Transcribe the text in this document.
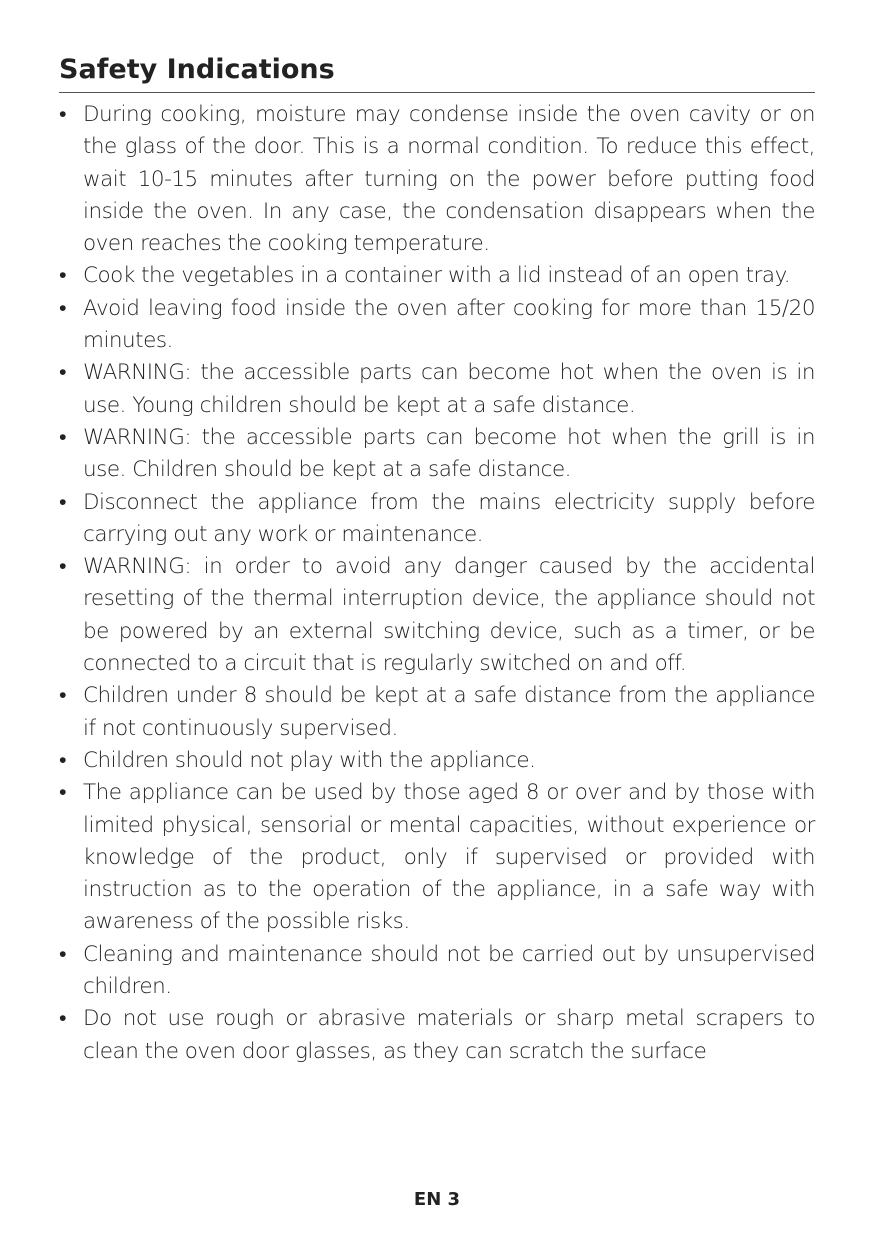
Safety Indications
•
During cooking, moisture may condense inside the oven cavity or on the glass of the door. This is a normal condition. To reduce this effect, wait 10-15 minutes after turning on the power before putting food inside the oven. In any case, the condensation disappears when the oven reaches the cooking temperature.
•
Cook the vegetables in a container with a lid instead of an open tray.
•
Avoid leaving food inside the oven after cooking for more than 15/20 minutes.
•
WARNING: the accessible parts can become hot when the oven is in use. Young children should be kept at a safe distance.
•
WARNING: the accessible parts can become hot when the grill is in use. Children should be kept at a safe distance.
•
Disconnect the appliance from the mains electricity supply before carrying out any work or maintenance.
•
WARNING: in order to avoid any danger caused by the accidental resetting of the thermal interruption device, the appliance should not be powered by an external switching device, such as a timer, or be connected to a circuit that is regularly switched on and off.
•
Children under 8 should be kept at a safe distance from the appliance if not continuously supervised.
•
Children should not play with the appliance.
•
The appliance can be used by those aged 8 or over and by those with limited physical, sensorial or mental capacities, without experience or knowledge of the product, only if supervised or provided with instruction as to the operation of the appliance, in a safe way with awareness of the possible risks.
•
Cleaning and maintenance should not be carried out by unsupervised children.
•
Do not use rough or abrasive materials or sharp metal scrapers to clean the oven door glasses, as they can scratch the surface
EN 3
